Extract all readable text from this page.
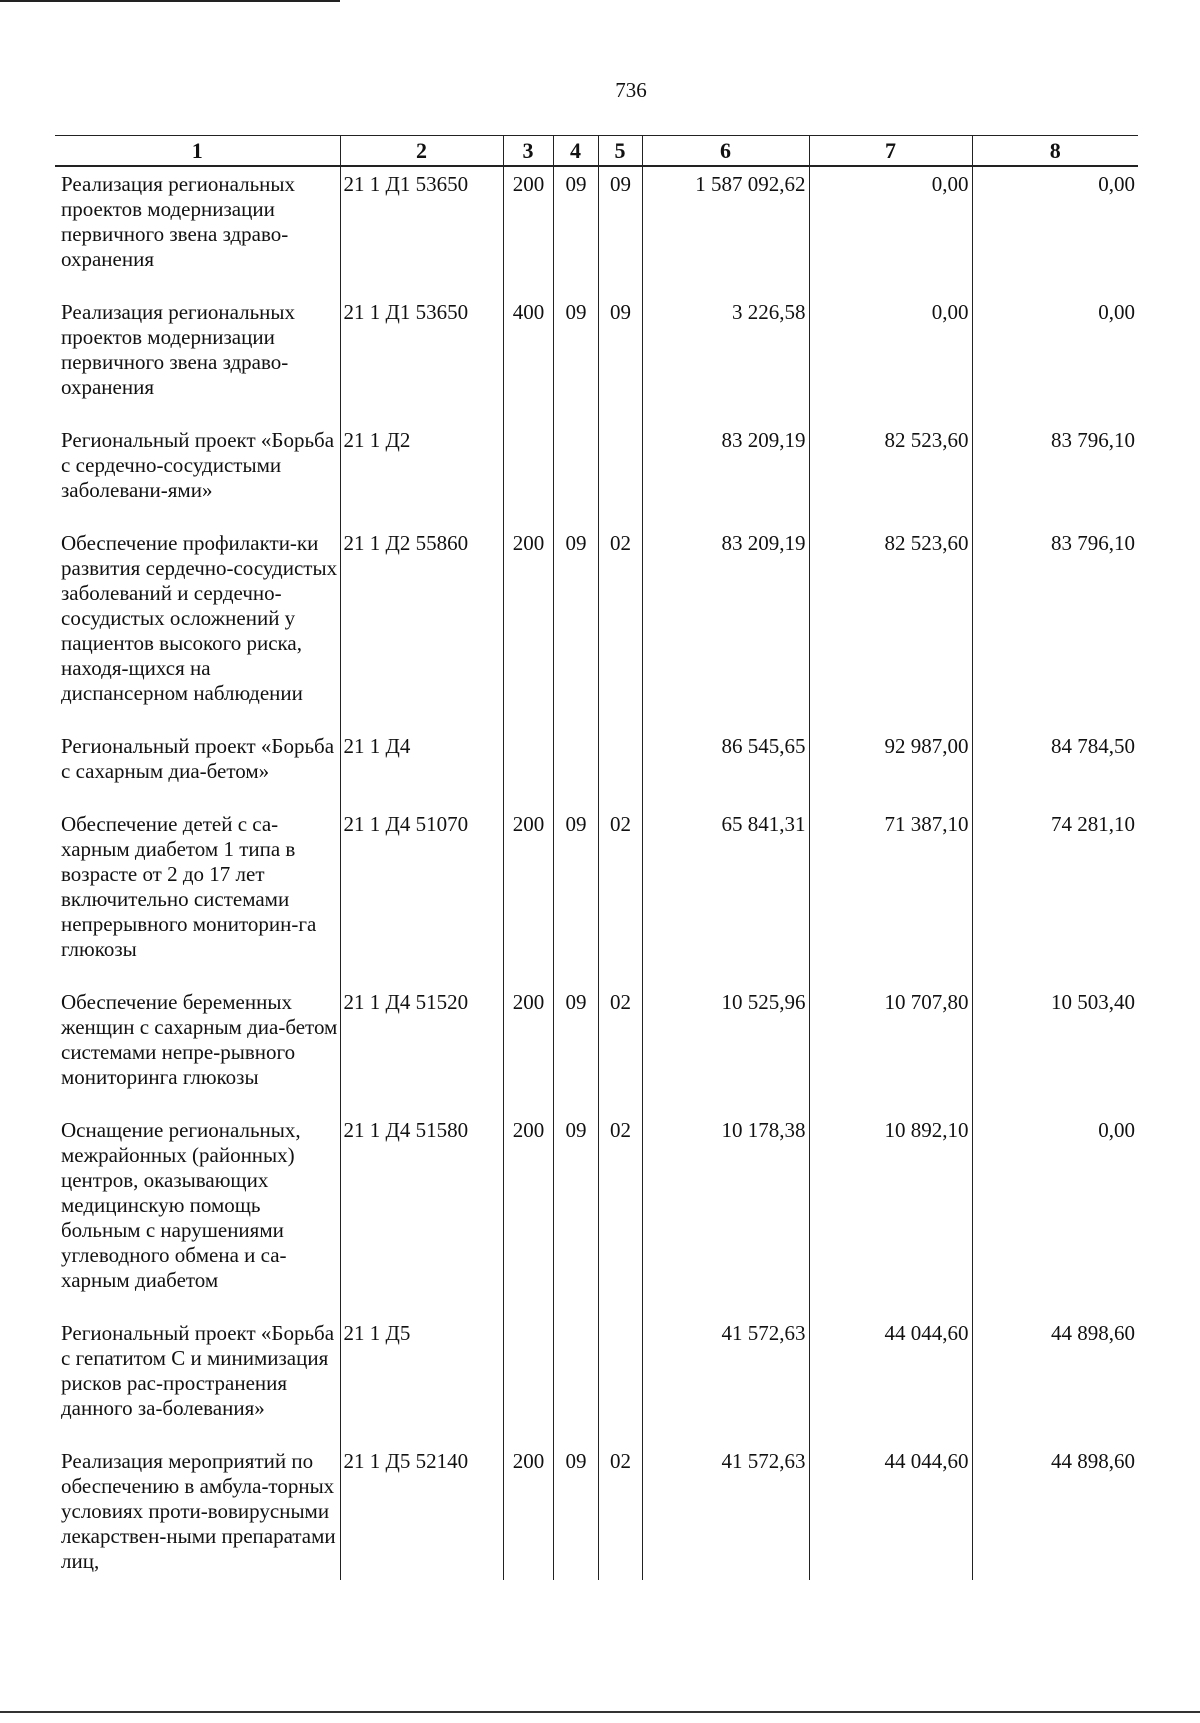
736
1	2	3	4	5	6	7	8
Реализация региональных проектов модернизации первичного звена здраво-охранения	21 1 Д1 53650	200	09	09	1 587 092,62	0,00	0,00
Реализация региональных проектов модернизации первичного звена здраво-охранения	21 1 Д1 53650	400	09	09	3 226,58	0,00	0,00
Региональный проект «Борьба с сердечно-сосудистыми заболевани-ями»	21 1 Д2				83 209,19	82 523,60	83 796,10
Обеспечение профилакти-ки развития сердечно-сосудистых заболеваний и сердечно-сосудистых осложнений у пациентов высокого риска, находя-щихся на диспансерном наблюдении	21 1 Д2 55860	200	09	02	83 209,19	82 523,60	83 796,10
Региональный проект «Борьба с сахарным диа-бетом»	21 1 Д4				86 545,65	92 987,00	84 784,50
Обеспечение детей с са-харным диабетом 1 типа в возрасте от 2 до 17 лет включительно системами непрерывного мониторин-га глюкозы	21 1 Д4 51070	200	09	02	65 841,31	71 387,10	74 281,10
Обеспечение беременных женщин с сахарным диа-бетом системами непре-рывного мониторинга глюкозы	21 1 Д4 51520	200	09	02	10 525,96	10 707,80	10 503,40
Оснащение региональных, межрайонных (районных) центров, оказывающих медицинскую помощь больным с нарушениями углеводного обмена и са-харным диабетом	21 1 Д4 51580	200	09	02	10 178,38	10 892,10	0,00
Региональный проект «Борьба с гепатитом С и минимизация рисков рас-пространения данного за-болевания»	21 1 Д5				41 572,63	44 044,60	44 898,60
Реализация мероприятий по обеспечению в амбула-торных условиях проти-вовирусными лекарствен-ными препаратами лиц,	21 1 Д5 52140	200	09	02	41 572,63	44 044,60	44 898,60
